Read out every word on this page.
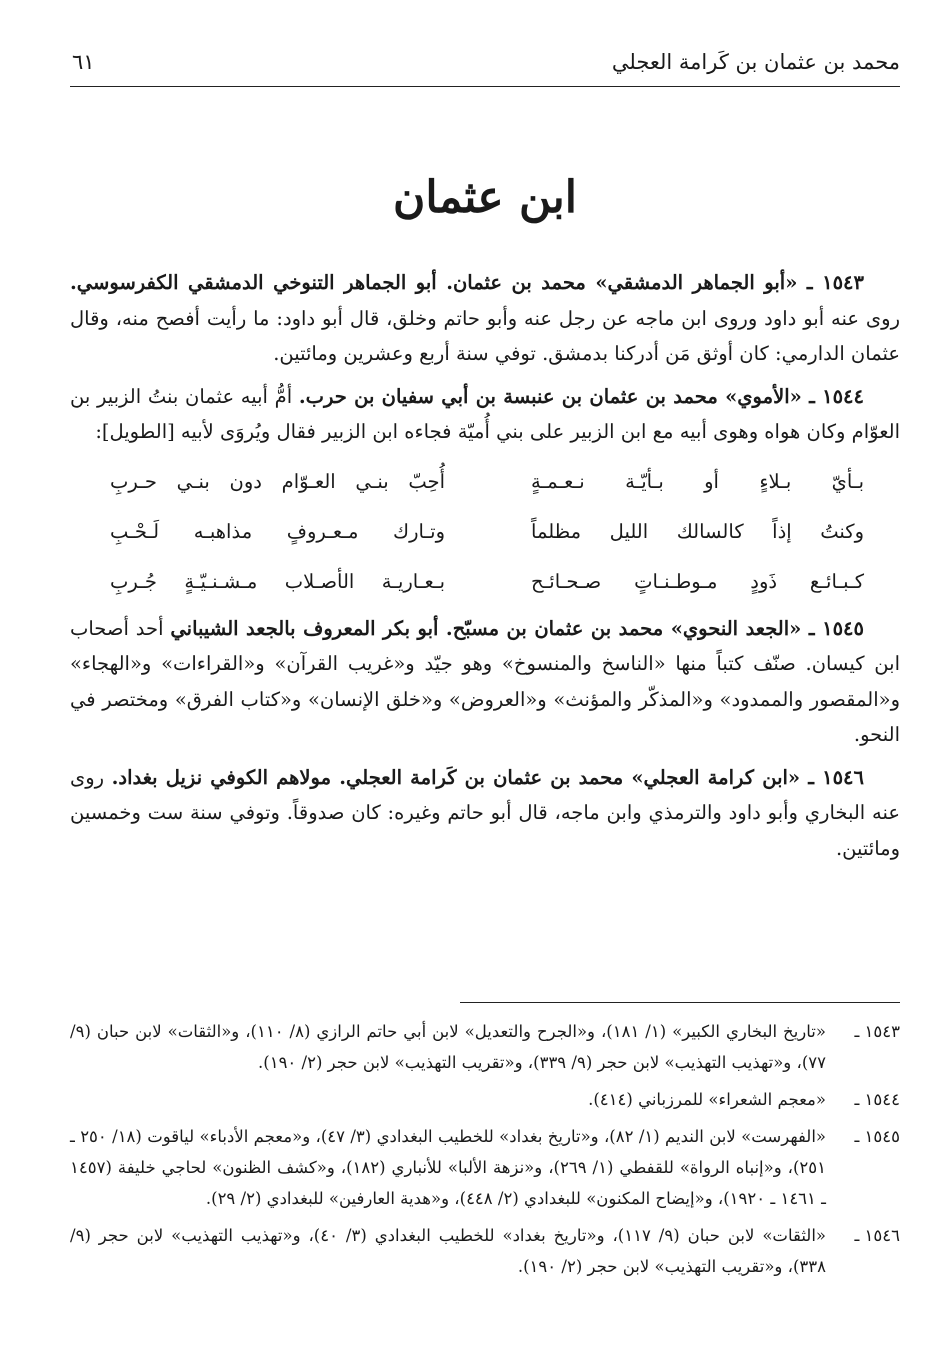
محمد بن عثمان بن كَرامة العجلي
٦١
ابن عثمان

١٥٤٣ ـ «أبو الجماهر الدمشقي» محمد بن عثمان. أبو الجماهر التنوخي الدمشقي الكفرسوسي. روى عنه أبو داود وروى ابن ماجه عن رجل عنه وأبو حاتم وخلق، قال أبو داود: ما رأيت أفصح منه، وقال عثمان الدارمي: كان أوثق مَن أدركنا بدمشق. توفي سنة أربع وعشرين ومائتين.

١٥٤٤ ـ «الأموي» محمد بن عثمان بن عنبسة بن أبي سفيان بن حرب. أمُّ أبيه عثمان بنتُ الزبير بن العوّام وكان هواه وهوى أبيه مع ابن الزبير على بني أُميّة فجاءه ابن الزبير فقال ويُروَى لأبيه [الطويل]:

بـأيّ بـلاءٍ أو بـأيّـة نـعـمـةٍ
أُحِبّ بنـي العـوّام دون بنـي حـربِ
وكنتُ إذاً كالسالك الليل مظلماً
وتـارك مـعـروفٍ مذاهبـه لَـحْـبِ
كـبـائـع ذَودٍ مـوطـنـاتٍ صـحـائـح
بـعـاريـة الأصـلاب مـشـنـيّـةٍ جُـربِ

١٥٤٥ ـ «الجعد النحوي» محمد بن عثمان بن مسبّح. أبو بكر المعروف بالجعد الشيباني أحد أصحاب ابن كيسان. صنّف كتباً منها «الناسخ والمنسوخ» وهو جيّد و«غريب القرآن» و«القراءات» و«الهجاء» و«المقصور والممدود» و«المذكّر والمؤنث» و«العروض» و«خلق الإنسان» و«كتاب الفرق» ومختصر في النحو.

١٥٤٦ ـ «ابن كرامة العجلي» محمد بن عثمان بن كَرامة العجلي. مولاهم الكوفي نزيل بغداد. روى عنه البخاري وأبو داود والترمذي وابن ماجه، قال أبو حاتم وغيره: كان صدوقاً. وتوفي سنة ست وخمسين ومائتين.

١٥٤٣ ـ
«تاريخ البخاري الكبير» (١/ ١٨١)، و«الجرح والتعديل» لابن أبي حاتم الرازي (٨/ ١١٠)، و«الثقات» لابن حبان (٩/ ٧٧)، و«تهذيب التهذيب» لابن حجر (٩/ ٣٣٩)، و«تقريب التهذيب» لابن حجر (٢/ ١٩٠).
١٥٤٤ ـ
«معجم الشعراء» للمرزباني (٤١٤).
١٥٤٥ ـ
«الفهرست» لابن النديم (١/ ٨٢)، و«تاريخ بغداد» للخطيب البغدادي (٣/ ٤٧)، و«معجم الأدباء» لياقوت (١٨/ ٢٥٠ ـ ٢٥١)، و«إنباه الرواة» للقفطي (١/ ٢٦٩)، و«نزهة الألبا» للأنباري (١٨٢)، و«كشف الظنون» لحاجي خليفة (١٤٥٧ ـ ١٤٦١ ـ ١٩٢٠)، و«إيضاح المكنون» للبغدادي (٢/ ٤٤٨)، و«هدية العارفين» للبغدادي (٢/ ٢٩).
١٥٤٦ ـ
«الثقات» لابن حبان (٩/ ١١٧)، و«تاريخ بغداد» للخطيب البغدادي (٣/ ٤٠)، و«تهذيب التهذيب» لابن حجر (٩/ ٣٣٨)، و«تقريب التهذيب» لابن حجر (٢/ ١٩٠).
